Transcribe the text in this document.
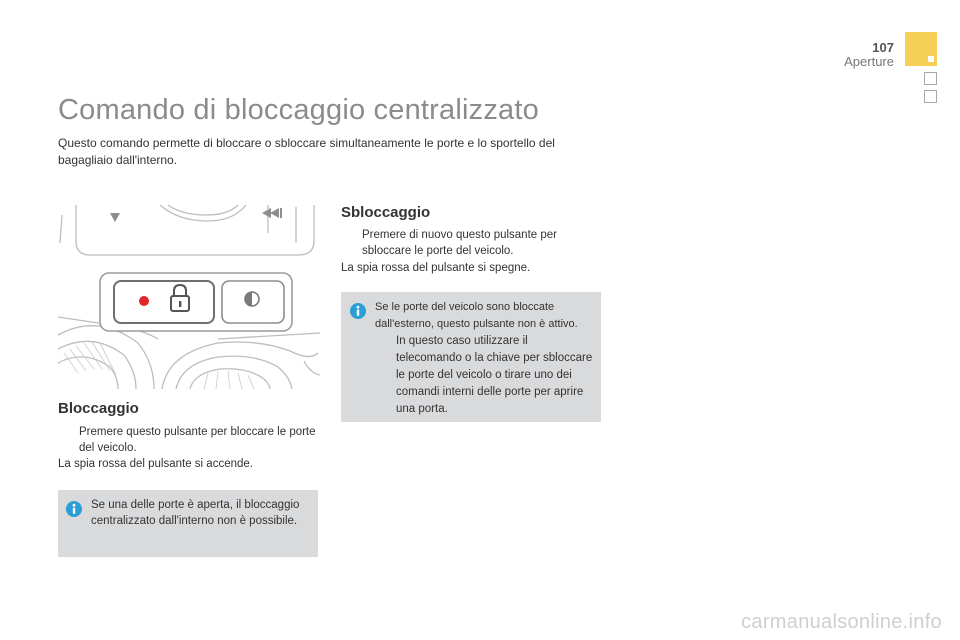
107
Aperture
Comando di bloccaggio centralizzato

Questo comando permette di bloccare o sbloccare simultaneamente le porte e lo sportello del bagagliaio dall'interno.

Bloccaggio
Premere questo pulsante per bloccare le porte del veicolo.
La spia rossa del pulsante si accende.
Se una delle porte è aperta, il bloccaggio centralizzato dall'interno non è possibile.
Sbloccaggio
Premere di nuovo questo pulsante per sbloccare le porte del veicolo.
La spia rossa del pulsante si spegne.
Se le porte del veicolo sono bloccate dall'esterno, questo pulsante non è attivo.
In questo caso utilizzare il telecomando o la chiave per sbloccare le porte del veicolo o tirare uno dei comandi interni delle porte per aprire una porta.
carmanualsonline.info
